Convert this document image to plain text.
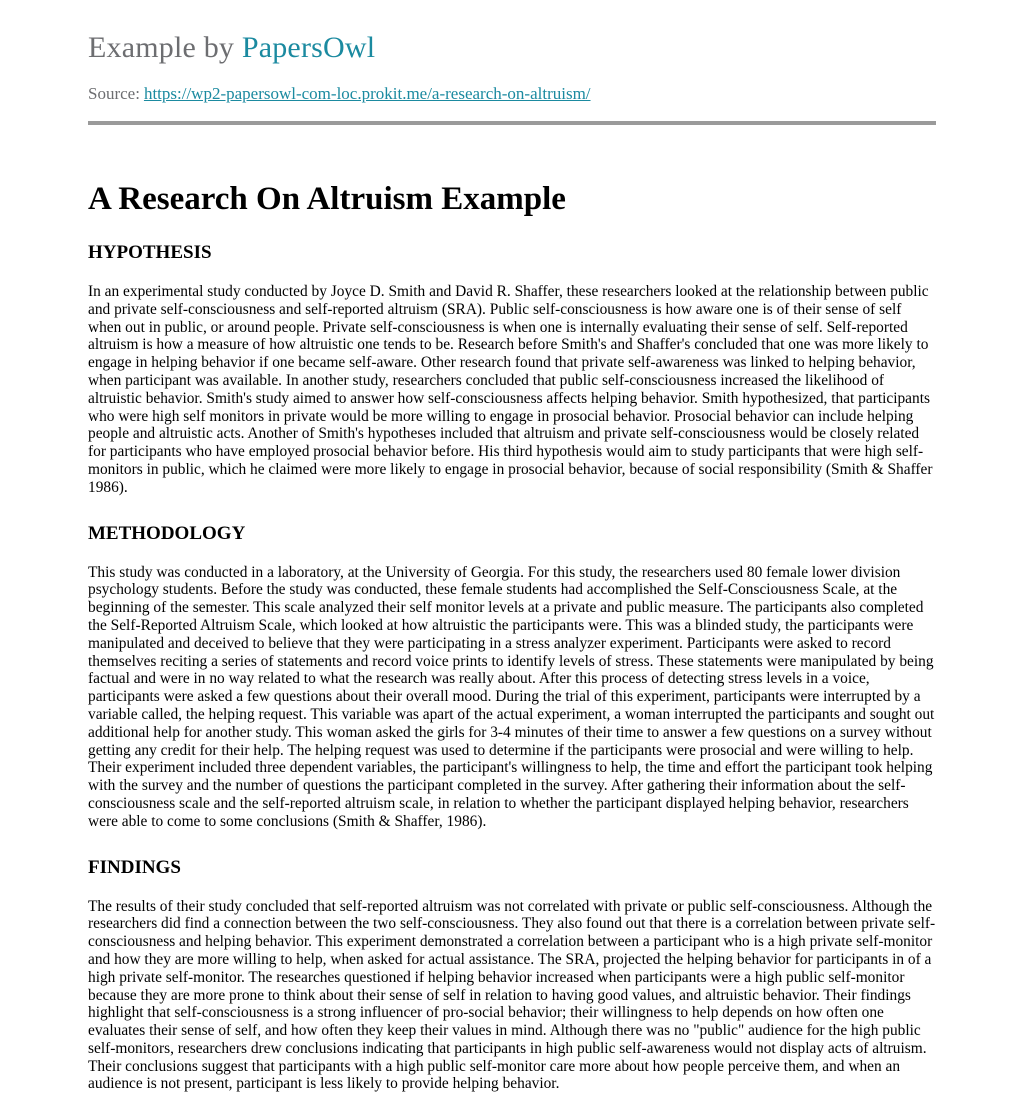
Example by PapersOwl
Source: https://wp2-papersowl-com-loc.prokit.me/a-research-on-altruism/
A Research On Altruism Example
HYPOTHESIS

In an experimental study conducted by Joyce D. Smith and David R. Shaffer, these researchers looked at the relationship between public and private self-consciousness and self-reported altruism (SRA). Public self-consciousness is how aware one is of their sense of self when out in public, or around people. Private self-consciousness is when one is internally evaluating their sense of self. Self-reported altruism is how a measure of how altruistic one tends to be. Research before Smith's and Shaffer's concluded that one was more likely to engage in helping behavior if one became self-aware. Other research found that private self-awareness was linked to helping behavior, when participant was available. In another study, researchers concluded that public self-consciousness increased the likelihood of altruistic behavior. Smith's study aimed to answer how self-consciousness affects helping behavior. Smith hypothesized, that participants who were high self monitors in private would be more willing to engage in prosocial behavior. Prosocial behavior can include helping people and altruistic acts. Another of Smith's hypotheses included that altruism and private self-consciousness would be closely related for participants who have employed prosocial behavior before. His third hypothesis would aim to study participants that were high self-monitors in public, which he claimed were more likely to engage in prosocial behavior, because of social responsibility (Smith & Shaffer 1986).

METHODOLOGY

This study was conducted in a laboratory, at the University of Georgia. For this study, the researchers used 80 female lower division psychology students. Before the study was conducted, these female students had accomplished the Self-Consciousness Scale, at the beginning of the semester. This scale analyzed their self monitor levels at a private and public measure. The participants also completed the Self-Reported Altruism Scale, which looked at how altruistic the participants were. This was a blinded study, the participants were manipulated and deceived to believe that they were participating in a stress analyzer experiment. Participants were asked to record themselves reciting a series of statements and record voice prints to identify levels of stress. These statements were manipulated by being factual and were in no way related to what the research was really about. After this process of detecting stress levels in a voice, participants were asked a few questions about their overall mood. During the trial of this experiment, participants were interrupted by a variable called, the helping request. This variable was apart of the actual experiment, a woman interrupted the participants and sought out additional help for another study. This woman asked the girls for 3-4 minutes of their time to answer a few questions on a survey without getting any credit for their help. The helping request was used to determine if the participants were prosocial and were willing to help. Their experiment included three dependent variables, the participant's willingness to help, the time and effort the participant took helping with the survey and the number of questions the participant completed in the survey. After gathering their information about the self-consciousness scale and the self-reported altruism scale, in relation to whether the participant displayed helping behavior, researchers were able to come to some conclusions (Smith & Shaffer, 1986).

FINDINGS

The results of their study concluded that self-reported altruism was not correlated with private or public self-consciousness. Although the researchers did find a connection between the two self-consciousness. They also found out that there is a correlation between private self-consciousness and helping behavior. This experiment demonstrated a correlation between a participant who is a high private self-monitor and how they are more willing to help, when asked for actual assistance. The SRA, projected the helping behavior for participants in of a high private self-monitor. The researches questioned if helping behavior increased when participants were a high public self-monitor because they are more prone to think about their sense of self in relation to having good values, and altruistic behavior. Their findings highlight that self-consciousness is a strong influencer of pro-social behavior; their willingness to help depends on how often one evaluates their sense of self, and how often they keep their values in mind. Although there was no "public" audience for the high public self-monitors, researchers drew conclusions indicating that participants in high public self-awareness would not display acts of altruism. Their conclusions suggest that participants with a high public self-monitor care more about how people perceive them, and when an audience is not present, participant is less likely to provide helping behavior.
